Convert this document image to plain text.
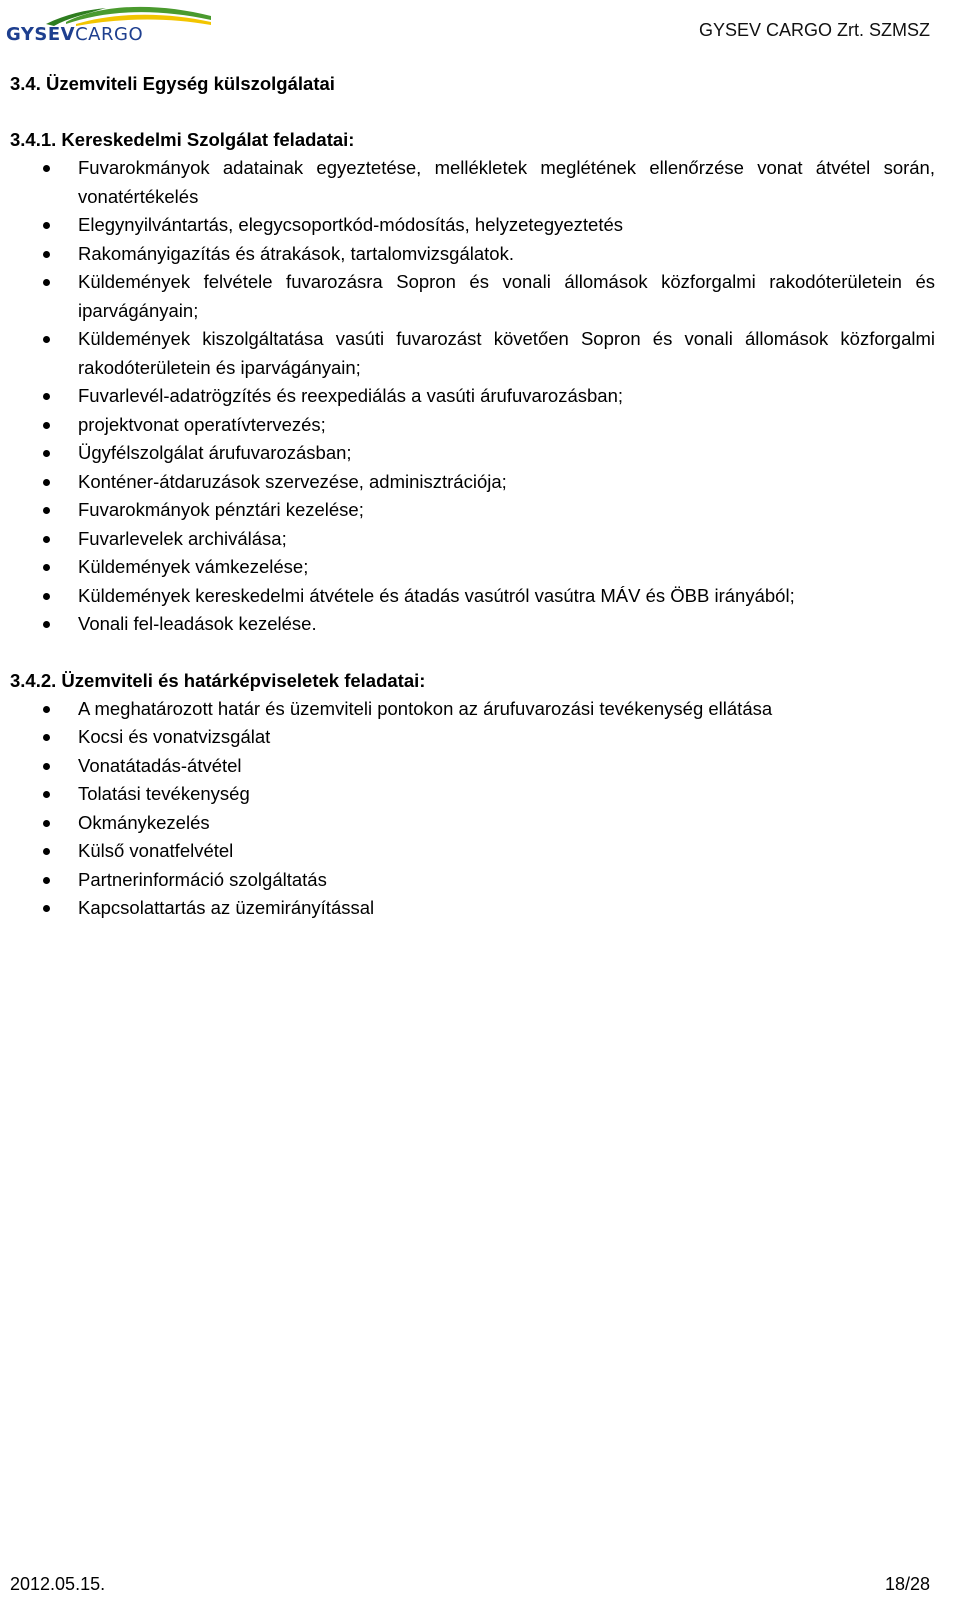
GYSEVCARGO	GYSEV CARGO Zrt. SZMSZ

3.4. Üzemviteli Egység külszolgálatai

3.4.1. Kereskedelmi Szolgálat feladatai:

Fuvarokmányok adatainak egyeztetése, mellékletek meglétének ellenőrzése vonat átvétel során, vonatértékelés
Elegynyilvántartás, elegycsoportkód-módosítás, helyzetegyeztetés
Rakományigazítás és átrakások, tartalomvizsgálatok.
Küldemények felvétele fuvarozásra Sopron és vonali állomások közforgalmi rakodóterületein és iparvágányain;
Küldemények kiszolgáltatása vasúti fuvarozást követően Sopron és vonali állomások közforgalmi rakodóterületein és iparvágányain;
Fuvarlevél-adatrögzítés és reexpediálás a vasúti árufuvarozásban;
projektvonat operatívtervezés;
Ügyfélszolgálat árufuvarozásban;
Konténer-átdaruzások szervezése, adminisztrációja;
Fuvarokmányok pénztári kezelése;
Fuvarlevelek archiválása;
Küldemények vámkezelése;
Küldemények kereskedelmi átvétele és átadás vasútról vasútra MÁV és ÖBB irányából;
Vonali fel-leadások kezelése.

3.4.2. Üzemviteli és határképviseletek feladatai:

A meghatározott határ és üzemviteli pontokon az árufuvarozási tevékenység ellátása
Kocsi és vonatvizsgálat
Vonatátadás-átvétel
Tolatási tevékenység
Okmánykezelés
Külső vonatfelvétel
Partnerinformáció szolgáltatás
Kapcsolattartás az üzemirányítással
2012.05.15.	18/28
